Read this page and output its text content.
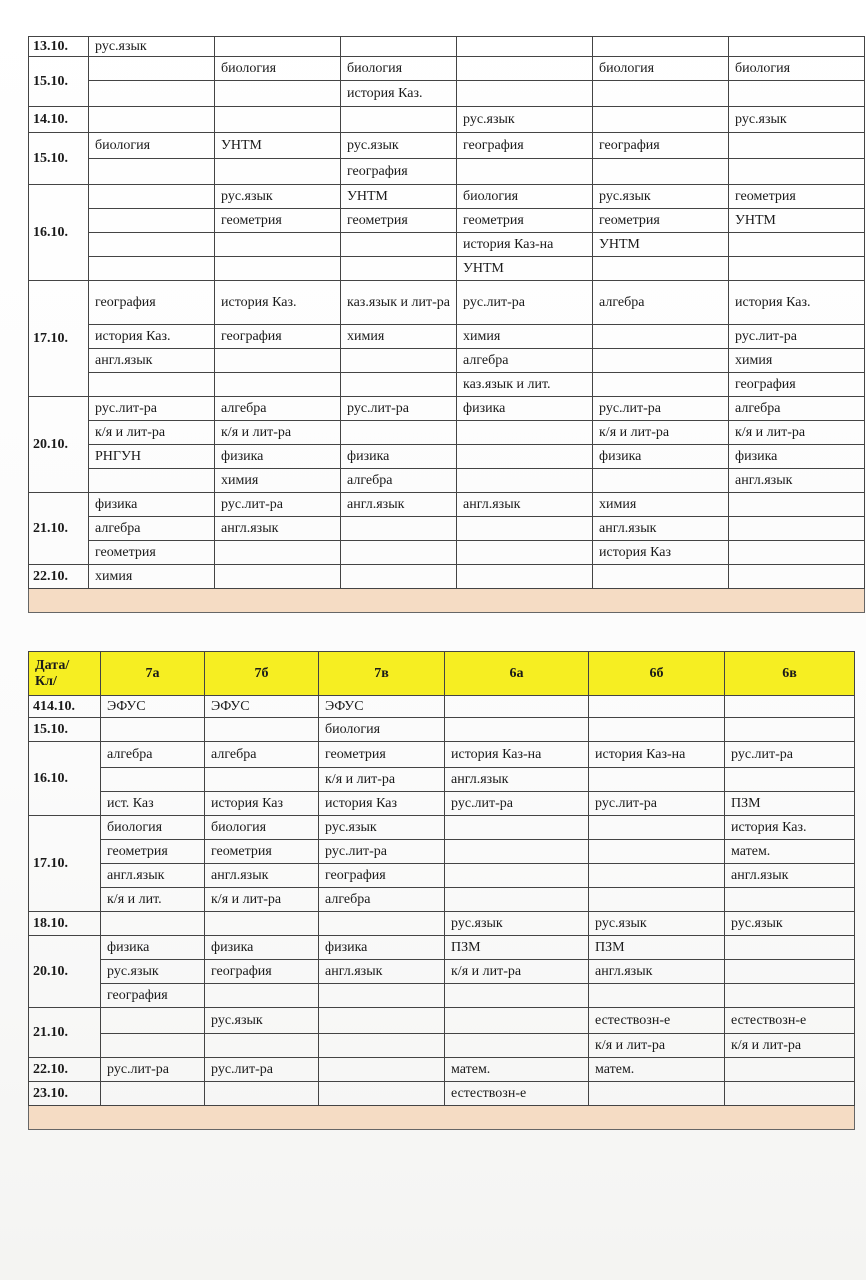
13.10.	рус.язык					
15.10.		биология	биология		биология	биология
			история Каз.			
14.10.				рус.язык		рус.язык
15.10.	биология	УНТМ	рус.язык	география	география	
			география			
16.10.		рус.язык	УНТМ	биология	рус.язык	геометрия
		геометрия	геометрия	геометрия	геометрия	УНТМ
				история Каз-на	УНТМ	
				УНТМ		
17.10.	география	история Каз.	каз.язык и лит-ра	рус.лит-ра	алгебра	история Каз.
	история Каз.	география	химия	химия		рус.лит-ра
	англ.язык			алгебра		химия
				каз.язык и лит.		география
20.10.	рус.лит-ра	алгебра	рус.лит-ра	физика	рус.лит-ра	алгебра
	к/я и лит-ра	к/я и лит-ра			к/я и лит-ра	к/я и лит-ра
	РНГУН	физика	физика		физика	физика
		химия	алгебра			англ.язык
21.10.	физика	рус.лит-ра	англ.язык	англ.язык	химия	
	алгебра	англ.язык			англ.язык	
	геометрия				история Каз	
22.10.	химия					

Дата/ Кл/	7а	7б	7в	6а	6б	6в
414.10.	ЭФУС	ЭФУС	ЭФУС			
15.10.			биология			
16.10.	алгебра	алгебра	геометрия	история Каз-на	история Каз-на	рус.лит-ра
			к/я и лит-ра	англ.язык		
	ист. Каз	история Каз	история Каз	рус.лит-ра	рус.лит-ра	ПЗМ
17.10.	биология	биология	рус.язык			история Каз.
	геометрия	геометрия	рус.лит-ра			матем.
	англ.язык	англ.язык	география			англ.язык
	к/я и лит.	к/я и лит-ра	алгебра			
18.10.				рус.язык	рус.язык	рус.язык
20.10.	физика	физика	физика	ПЗМ	ПЗМ	
	рус.язык	география	англ.язык	к/я и лит-ра	англ.язык	
	география					
21.10.		рус.язык			естествозн-е	естествозн-е
					к/я и лит-ра	к/я и лит-ра
22.10.	рус.лит-ра	рус.лит-ра		матем.	матем.	
23.10.				естествозн-е		
